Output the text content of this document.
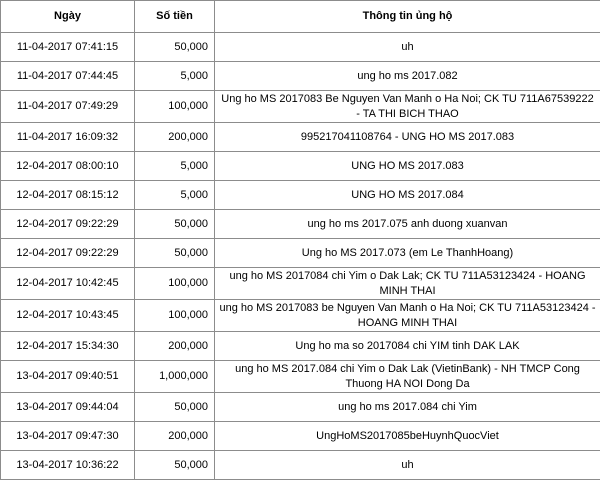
Ngày	Số tiền	Thông tin ủng hộ
11-04-2017 07:41:15	50,000	uh
11-04-2017 07:44:45	5,000	ung ho ms 2017.082
11-04-2017 07:49:29	100,000	Ung ho MS 2017083 Be Nguyen Van Manh o Ha Noi; CK TU 711A67539222 - TA THI BICH THAO
11-04-2017 16:09:32	200,000	995217041108764 - UNG HO MS 2017.083
12-04-2017 08:00:10	5,000	UNG HO MS 2017.083
12-04-2017 08:15:12	5,000	UNG HO MS 2017.084
12-04-2017 09:22:29	50,000	ung ho ms 2017.075 anh duong xuanvan
12-04-2017 09:22:29	50,000	Ung ho MS 2017.073 (em Le ThanhHoang)
12-04-2017 10:42:45	100,000	ung ho MS 2017084 chi Yim o Dak Lak; CK TU 711A53123424 - HOANG MINH THAI
12-04-2017 10:43:45	100,000	ung ho MS 2017083 be Nguyen Van Manh o Ha Noi; CK TU 711A53123424 - HOANG MINH THAI
12-04-2017 15:34:30	200,000	Ung ho ma so 2017084 chi YIM tinh DAK LAK
13-04-2017 09:40:51	1,000,000	ung ho MS 2017.084 chi Yim o Dak Lak (VietinBank) - NH TMCP Cong Thuong HA NOI Dong Da
13-04-2017 09:44:04	50,000	ung ho ms 2017.084 chi Yim
13-04-2017 09:47:30	200,000	UngHoMS2017085beHuynhQuocViet
13-04-2017 10:36:22	50,000	uh
